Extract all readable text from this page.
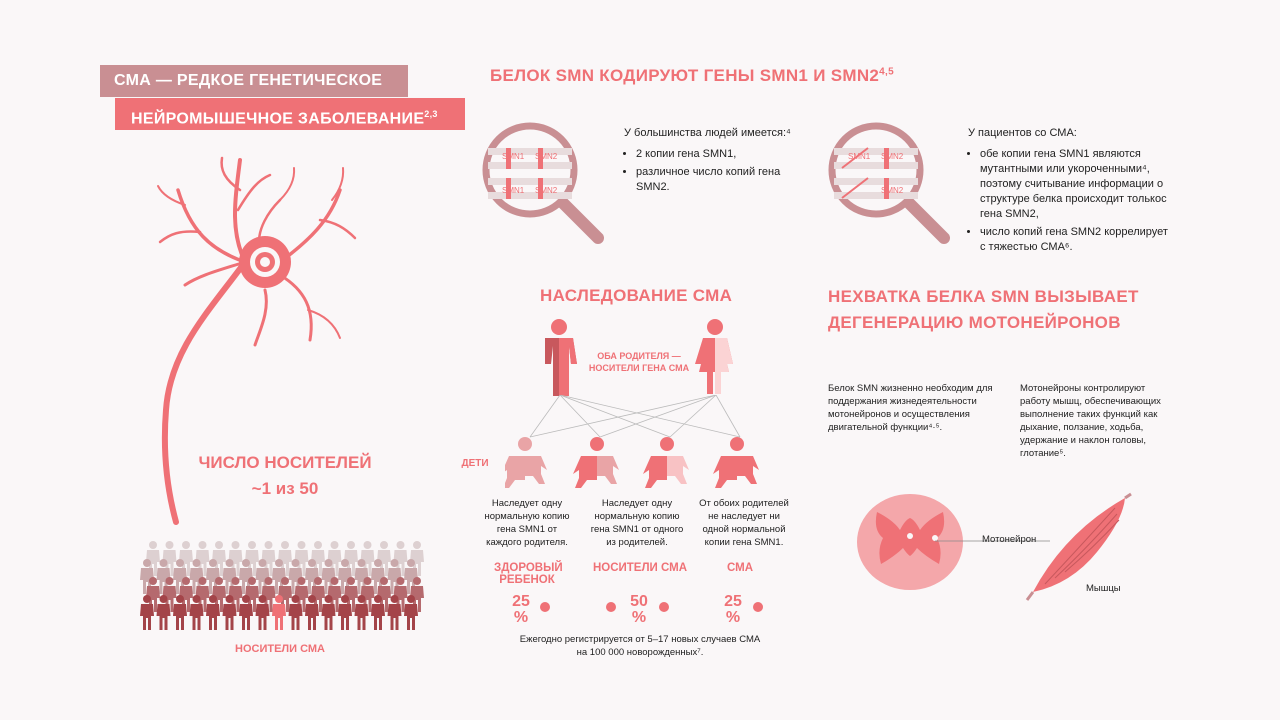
СМА — РЕДКОЕ ГЕНЕТИЧЕСКОЕ
НЕЙРОМЫШЕЧНОЕ ЗАБОЛЕВАНИЕ$^{2,3}$
ЧИСЛО НОСИТЕЛЕЙ
~1 из 50
НОСИТЕЛИ СМА
БЕЛОК SMN КОДИРУЮТ ГЕНЫ SMN1 И SMN2$^{4,5}$
SMN1 SMN2
SMN1 SMN2
У большинства людей имеется:⁴
• 2 копии гена SMN1,
• различное число копий гена SMN2.
SMN1 SMN2
SMN2
У пациентов со СМА:
• обе копии гена SMN1 являются мутантными или укороченными⁴, поэтому считывание информации о структуре белка происходит толькос гена SMN2,
• число копий гена SMN2 коррелирует с тяжестью СМА⁶.
НАСЛЕДОВАНИЕ СМА
ОБА РОДИТЕЛЯ —
НОСИТЕЛИ ГЕНА СМА
ДЕТИ
Наследует одну нормальную копию гена SMN1 от каждого родителя.
Наследует одну нормальную копию гена SMN1 от одного из родителей.
От обоих родителей не наследует ни одной нормальной копии гена SMN1.
ЗДОРОВЫЙ РЕБЕНОК
НОСИТЕЛИ СМА	СМА
25 %
50 %
25 %
Ежегодно регистрируется от 5–17 новых случаев СМА
на 100 000 новорожденных⁷.
НЕХВАТКА БЕЛКА SMN ВЫЗЫВАЕТ
ДЕГЕНЕРАЦИЮ МОТОНЕЙРОНОВ
Белок SMN жизненно необходим для поддержания жизнедеятельности мотонейронов и осуществления двигательной функции⁴·⁵.
Мотонейроны контролируют работу мышц, обеспечивающих выполнение таких функций как дыхание, ползание, ходьба, удержание и наклон головы, глотание⁵.
Мотонейрон
Мышцы
